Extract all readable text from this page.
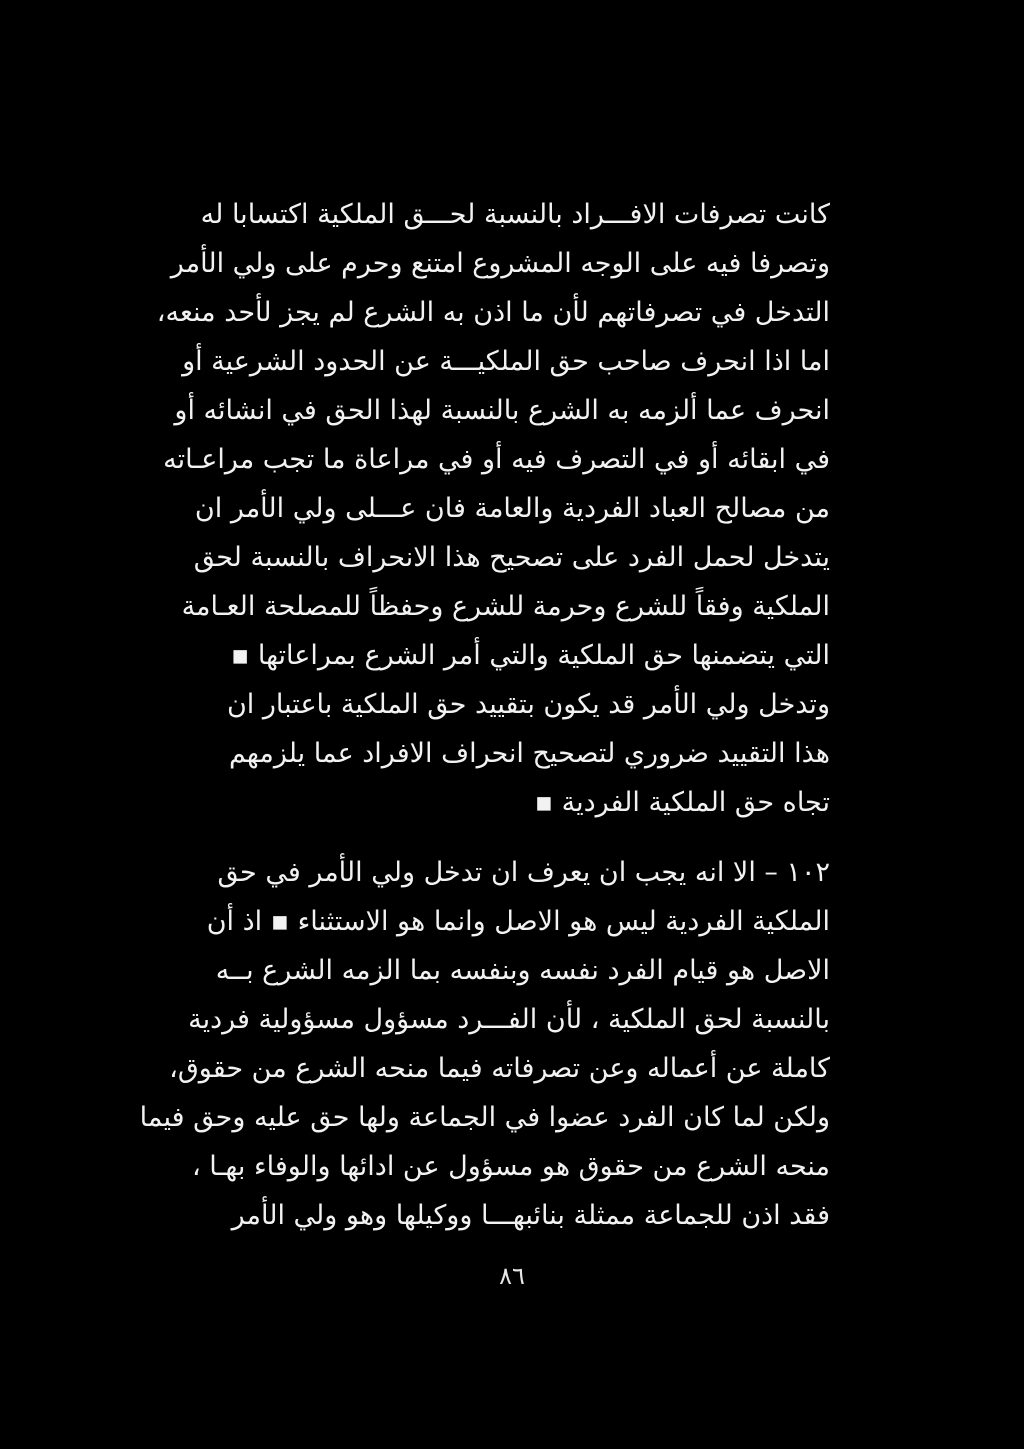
كانت تصرفات الافـــراد بالنسبة لحـــق الملكية اكتسابا له
وتصرفا فيه على الوجه المشروع امتنع وحرم على ولي الأمر
التدخل في تصرفاتهم لأن ما اذن به الشرع لم يجز لأحد منعه،
اما اذا انحرف صاحب حق الملكيـــة عن الحدود الشرعية أو
انحرف عما ألزمه به الشرع بالنسبة لهذا الحق في انشائه أو
في ابقائه أو في التصرف فيه أو في مراعاة ما تجب مراعـاته
من مصالح العباد الفردية والعامة فان عـــلى ولي الأمر ان
يتدخل لحمل الفرد على تصحيح هذا الانحراف بالنسبة لحق
الملكية وفقاً للشرع وحرمة للشرع وحفظاً للمصلحة العـامة
التي يتضمنها حق الملكية والتي أمر الشرع بمراعاتها ▪
وتدخل ولي الأمر قد يكون بتقييد حق الملكية باعتبار ان
هذا التقييد ضروري لتصحيح انحراف الافراد عما يلزمهم
تجاه حق الملكية الفردية ▪
١٠٢ – الا انه يجب ان يعرف ان تدخل ولي الأمر في حق
الملكية الفردية ليس هو الاصل وانما هو الاستثناء ▪ اذ أن
الاصل هو قيام الفرد نفسه وبنفسه بما الزمه الشرع بــه
بالنسبة لحق الملكية ، لأن الفـــرد مسؤول مسؤولية فردية
كاملة عن أعماله وعن تصرفاته فيما منحه الشرع من حقوق،
ولكن لما كان الفرد عضوا في الجماعة ولها حق عليه وحق فيما
منحه الشرع من حقوق هو مسؤول عن ادائها والوفاء بهـا ،
فقد اذن للجماعة ممثلة بنائبهـــا ووكيلها وهو ولي الأمر
٨٦
